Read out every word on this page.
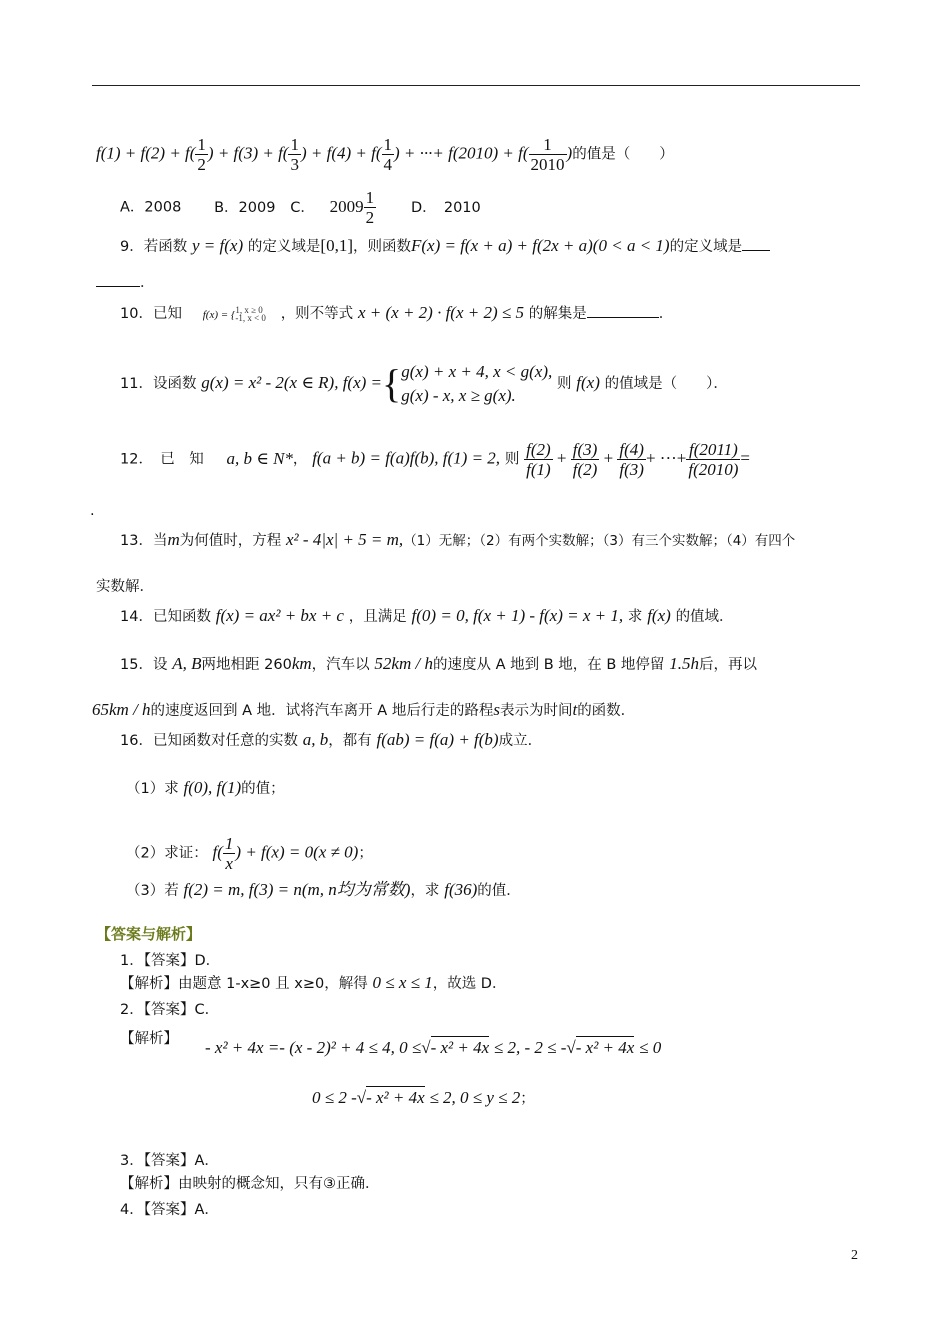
$f(1) + f(2) + f( \frac{1}{2}$ ) + $f(3) + f( \frac{1}{3}$ ) + $f(4) + f( \frac{1}{4}$ ) + ···+ $f(2010) + f( \frac{1}{2010}$ )的值是（　　）
A．2008 B．2009 C． $2009 \frac{1}{2}$ D．　2010
9．若函数 y = f(x) 的定义域是[0,1]，则函数F(x) = f(x + a) + f(2x + a)(0 < a < 1)的定义域是
．
10．已知 f(x) = { 1, x ≥ 0
-1, x < 0 ，则不等式 x + (x + 2) · f(x + 2) ≤ 5 的解集是	．
11．设函数 g(x) = x² - 2(x ∈ R), f(x) ={ g(x) + x + 4, x < g(x),
g(x) - x, x ≥ g(x).
则 f(x) 的值域是（　　）．
12．　已　知 a, b ∈ N*， f(a + b) = f(a)f(b), f(1) = 2, 则 $\frac{f(2)}{f(1)} + \frac{f(3)}{f(2)} + \frac{f(4)}{f(3)}$ + ···+ $\frac{f(2011)}{f(2010)}$ =
.
13．当m为何值时，方程 x² - 4|x| + 5 = m,（1）无解；（2）有两个实数解；（3）有三个实数解；（4）有四个
实数解．
14．已知函数 f(x) = ax² + bx + c ，且满足 f(0) = 0, f(x + 1) - f(x) = x + 1, 求 f(x) 的值域．
15．设 A, B两地相距 260km，汽车以 52km / h的速度从 A 地到 B 地，在 B 地停留 1.5h后，再以
65km / h的速度返回到 A 地．试将汽车离开 A 地后行走的路程s表示为时间t的函数．
16．已知函数对任意的实数 a, b，都有 f(ab) = f(a) + f(b)成立．
（1）求 f(0), f(1)的值；
（2）求证： $f( \frac{1}{x}$ ) + f(x) = 0(x ≠ 0)；
（3）若 f(2) = m, f(3) = n(m, n均为常数)，求 f(36)的值．
【答案与解析】
1．【答案】D．
【解析】由题意 1-x≥0 且 x≥0，解得 0 ≤ x ≤ 1，故选 D．
2．【答案】C．
【解析】 - x² + 4x =- (x - 2)² + 4 ≤ 4, 0 ≤√- x² + 4x ≤ 2, - 2 ≤ -√- x² + 4x ≤ 0
0 ≤ 2 -√- x² + 4x ≤ 2, 0 ≤ y ≤ 2；
3．【答案】A．
【解析】由映射的概念知，只有③正确．
4．【答案】A．
2
